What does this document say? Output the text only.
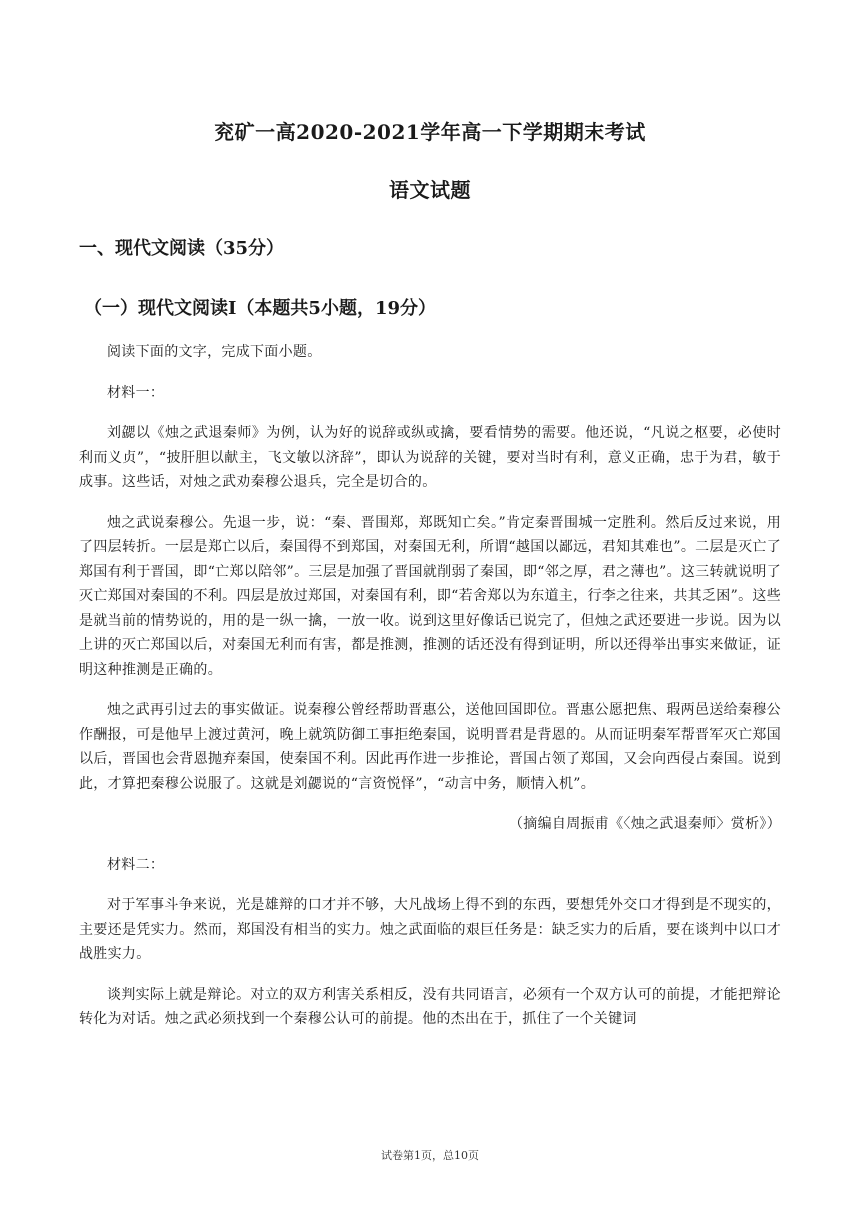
兖矿一高2020-2021学年高一下学期期末考试
语文试题
一、现代文阅读（35分）
（一）现代文阅读Ⅰ（本题共5小题，19分）

阅读下面的文字，完成下面小题。

材料一：

刘勰以《烛之武退秦师》为例，认为好的说辞或纵或擒，要看情势的需要。他还说，“凡说之枢要，必使时利而义贞”，“披肝胆以献主，飞文敏以济辞”，即认为说辞的关键，要对当时有利，意义正确，忠于为君，敏于成事。这些话，对烛之武劝秦穆公退兵，完全是切合的。

烛之武说秦穆公。先退一步，说：“秦、晋围郑，郑既知亡矣。”肯定秦晋围城一定胜利。然后反过来说，用了四层转折。一层是郑亡以后，秦国得不到郑国，对秦国无利，所谓“越国以鄙远，君知其难也”。二层是灭亡了郑国有利于晋国，即“亡郑以陪邻”。三层是加强了晋国就削弱了秦国，即“邻之厚，君之薄也”。这三转就说明了灭亡郑国对秦国的不利。四层是放过郑国，对秦国有利，即“若舍郑以为东道主，行李之往来，共其乏困”。这些是就当前的情势说的，用的是一纵一擒，一放一收。说到这里好像话已说完了，但烛之武还要进一步说。因为以上讲的灭亡郑国以后，对秦国无利而有害，都是推测，推测的话还没有得到证明，所以还得举出事实来做证，证明这种推测是正确的。

烛之武再引过去的事实做证。说秦穆公曾经帮助晋惠公，送他回国即位。晋惠公愿把焦、瑕两邑送给秦穆公作酬报，可是他早上渡过黄河，晚上就筑防御工事拒绝秦国，说明晋君是背恩的。从而证明秦军帮晋军灭亡郑国以后，晋国也会背恩抛弃秦国，使秦国不利。因此再作进一步推论，晋国占领了郑国，又会向西侵占秦国。说到此，才算把秦穆公说服了。这就是刘勰说的“言资悦怿”，“动言中务，顺情入机”。

（摘编自周振甫《〈烛之武退秦师〉赏析》）

材料二：

对于军事斗争来说，光是雄辩的口才并不够，大凡战场上得不到的东西，要想凭外交口才得到是不现实的，主要还是凭实力。然而，郑国没有相当的实力。烛之武面临的艰巨任务是：缺乏实力的后盾，要在谈判中以口才战胜实力。

谈判实际上就是辩论。对立的双方利害关系相反，没有共同语言，必须有一个双方认可的前提，才能把辩论转化为对话。烛之武必须找到一个秦穆公认可的前提。他的杰出在于，抓住了一个关键词

试卷第1页，总10页
